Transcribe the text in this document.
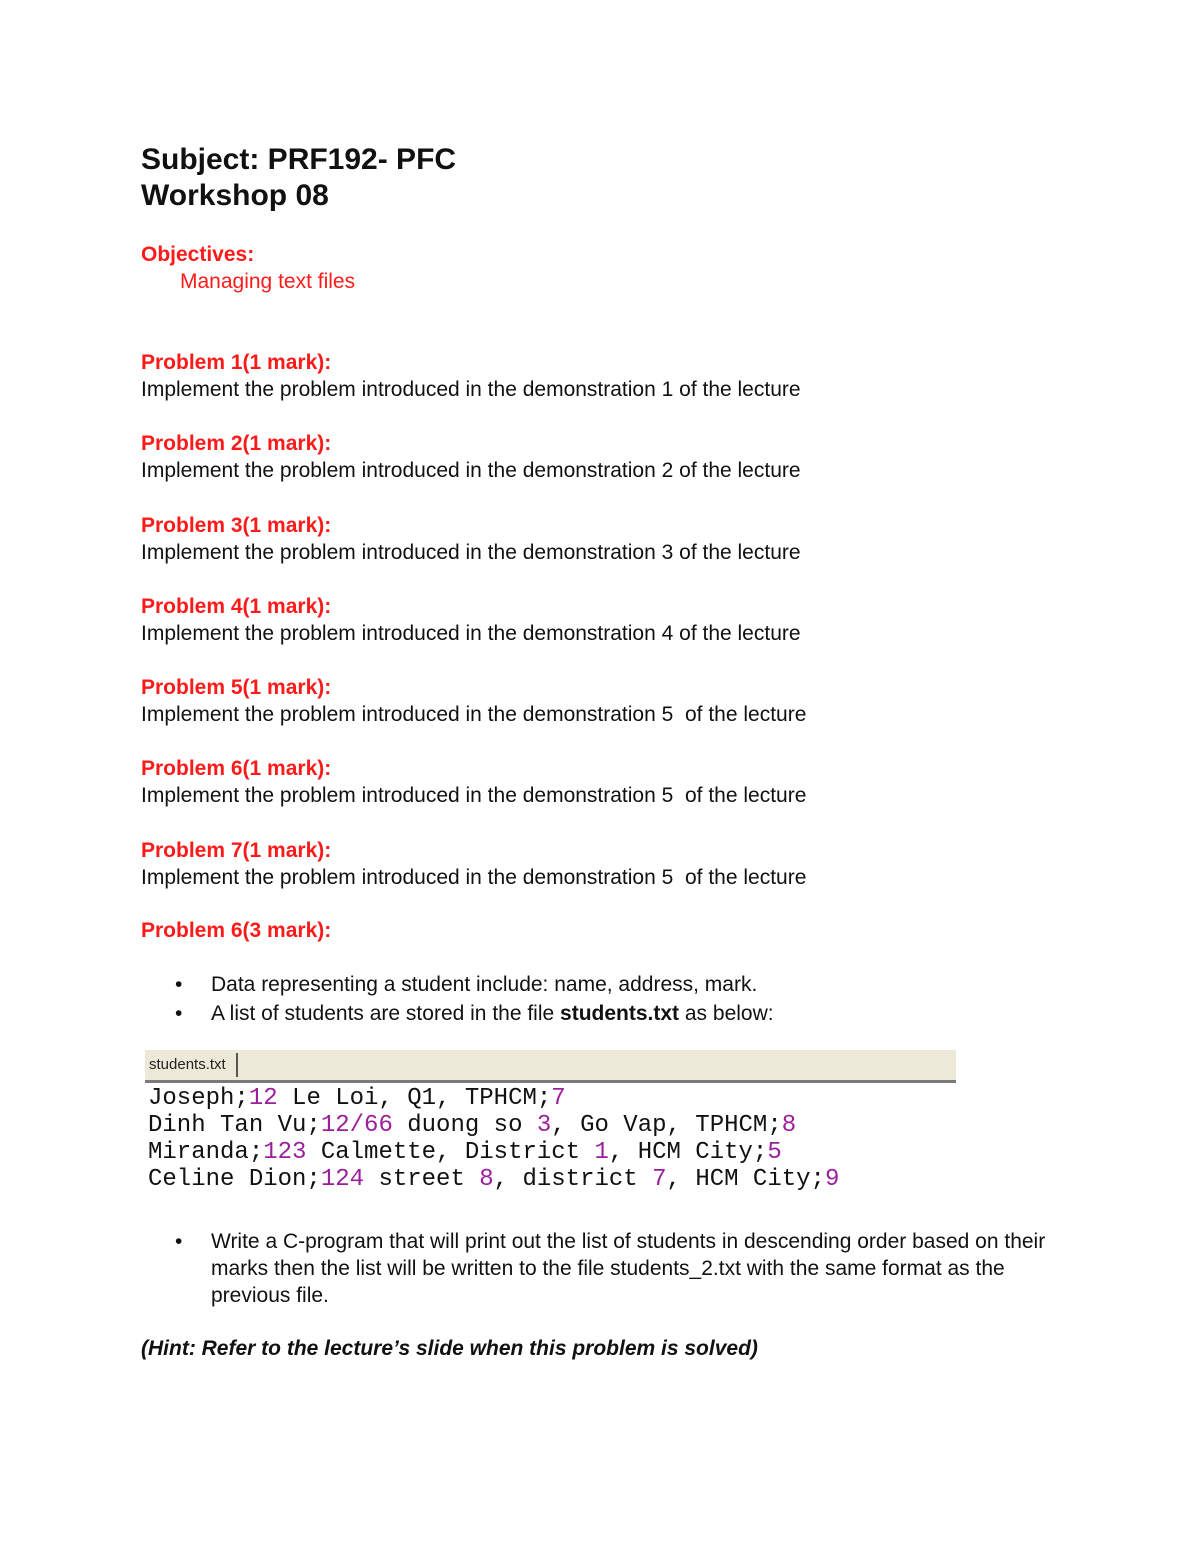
Subject: PRF192- PFC
Workshop 08

Objectives:

Managing text files

Problem 1(1 mark):

Implement the problem introduced in the demonstration 1 of the lecture

Problem 2(1 mark):

Implement the problem introduced in the demonstration 2 of the lecture

Problem 3(1 mark):

Implement the problem introduced in the demonstration 3 of the lecture

Problem 4(1 mark):

Implement the problem introduced in the demonstration 4 of the lecture

Problem 5(1 mark):

Implement the problem introduced in the demonstration 5  of the lecture

Problem 6(1 mark):

Implement the problem introduced in the demonstration 5  of the lecture

Problem 7(1 mark):

Implement the problem introduced in the demonstration 5  of the lecture

Problem 6(3 mark):

• Data representing a student include: name, address, mark.
• A list of students are stored in the file students.txt as below:
students.txt
Joseph;12 Le Loi, Q1, TPHCM;7
Dinh Tan Vu;12/66 duong so 3, Go Vap, TPHCM;8
Miranda;123 Calmette, District 1, HCM City;5
Celine Dion;124 street 8, district 7, HCM City;9
• Write a C-program that will print out the list of students in descending order based on their marks then the list will be written to the file students_2.txt with the same format as the previous file.

(Hint: Refer to the lecture’s slide when this problem is solved)
